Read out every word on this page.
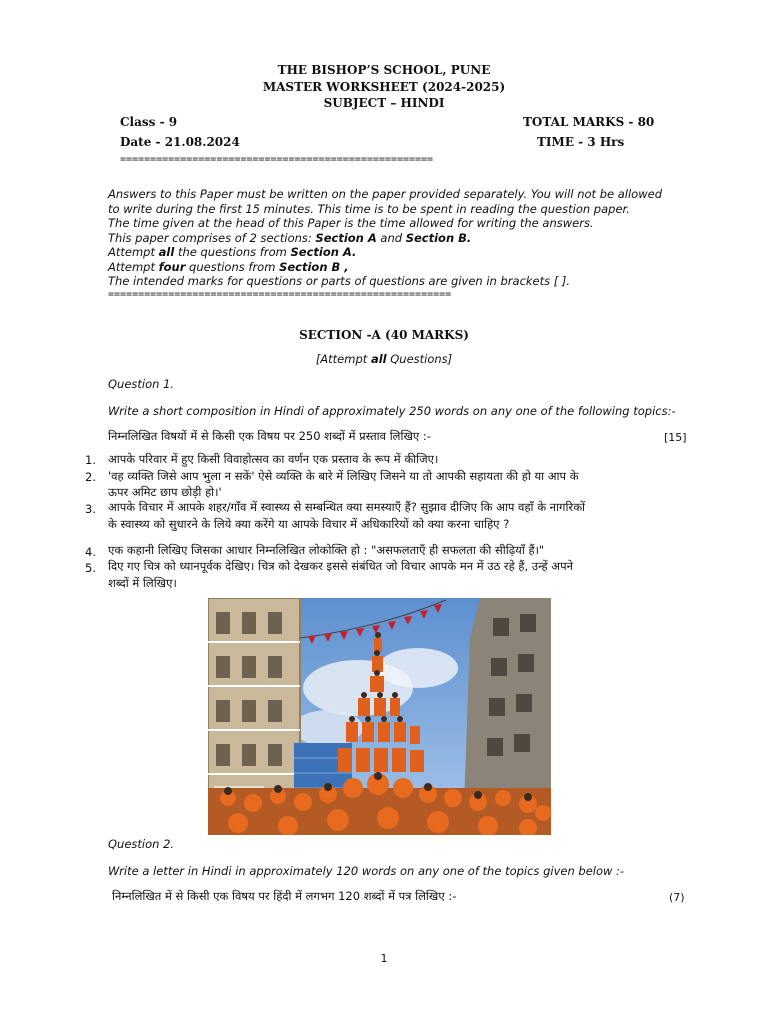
THE BISHOP’S SCHOOL, PUNE
MASTER WORKSHEET (2024-2025)
SUBJECT – HINDI
Class - 9	TOTAL MARKS - 80
Date - 21.08.2024	TIME - 3 Hrs
====================================================
Answers to this Paper must be written on the paper provided separately. You will not be allowed
to write during the first 15 minutes. This time is to be spent in reading the question paper.
The time given at the head of this Paper is the time allowed for writing the answers.
This paper comprises of 2 sections: Section A and Section B.
Attempt all the questions from Section A.
Attempt four questions from Section B ,
The intended marks for questions or parts of questions are given in brackets [ ].
=========================================================
SECTION -A (40 MARKS)
[Attempt all Questions]
Question 1.
Write a short composition in Hindi of approximately 250 words on any one of the following topics:-
निम्नलिखित विषयों में से किसी एक विषय पर 250 शब्दों में प्रस्ताव लिखिए :-	[15]
1. आपके परिवार में हुए किसी विवाहोत्सव का वर्णन एक प्रस्ताव के रूप में कीजिए।
2. 'वह व्यक्ति जिसे आप भुला न सकें' ऐसे व्यक्ति के बारे में लिखिए जिसने या तो आपकी सहायता की हो या आप के
ऊपर अमिट छाप छोड़ी हो।'
3. आपके विचार में आपके शहर/गाँव में स्वास्थ्य से सम्बन्धित क्या समस्याएँ हैं? सुझाव दीजिए कि आप वहाँ के नागरिकों
के स्वास्थ्य को सुधारने के लिये क्या करेंगे या आपके विचार में अधिकारियों को क्या करना चाहिए ?
4. एक कहानी लिखिए जिसका आधार निम्नलिखित लोकोक्ति हो : "असफलताएँ ही सफलता की सीढ़ियाँ हैं।"
5. दिए गए चित्र को ध्यानपूर्वक देखिए। चित्र को देखकर इससे संबंधित जो विचार आपके मन में उठ रहे हैं, उन्हें अपने
शब्दों में लिखिए।
Question 2.
Write a letter in Hindi in approximately 120 words on any one of the topics given below :-
निम्नलिखित में से किसी एक विषय पर हिंदी में लगभग 120 शब्दों में पत्र लिखिए :-	(7)
1
